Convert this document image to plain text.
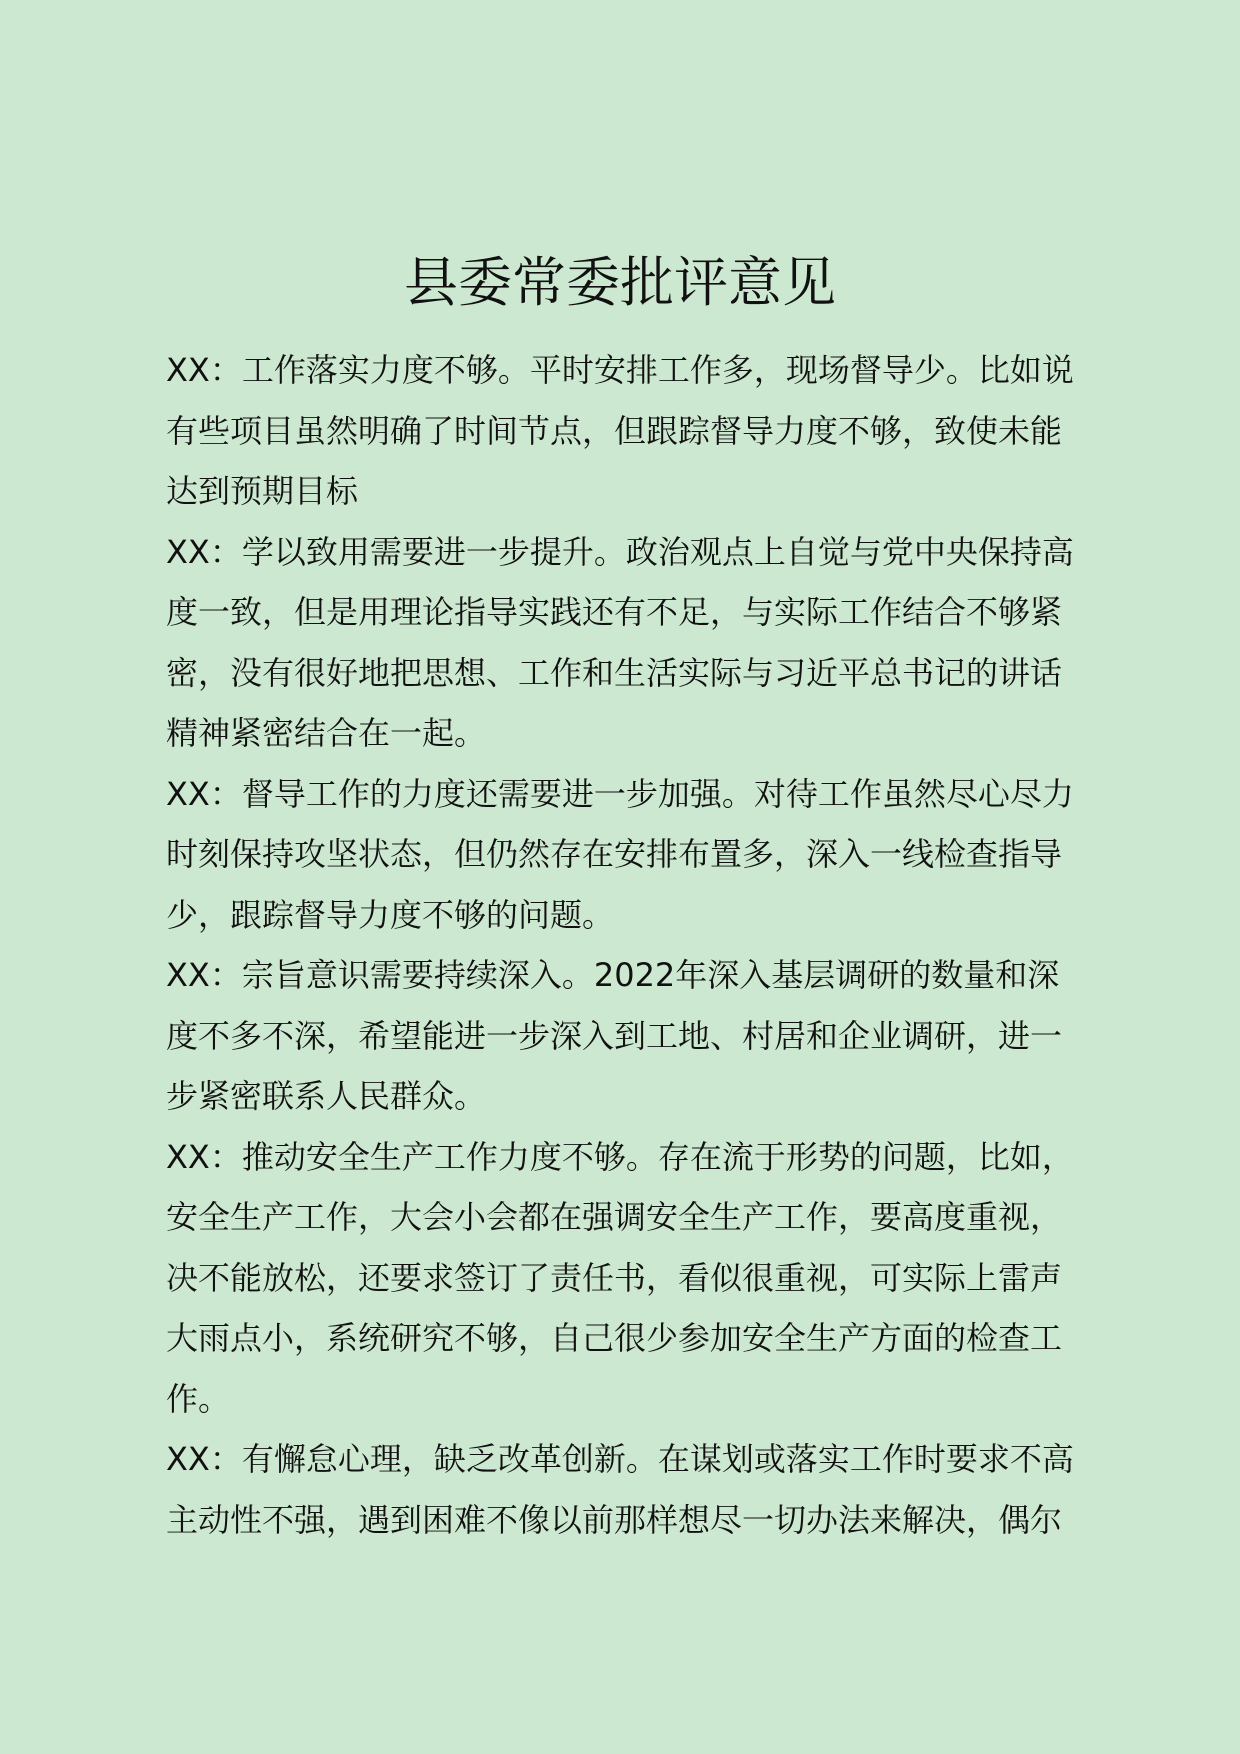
县委常委批评意见
XX：工作落实力度不够。平时安排工作多，现场督导少。比如说
有些项目虽然明确了时间节点，但跟踪督导力度不够，致使未能
达到预期目标
XX：学以致用需要进一步提升。政治观点上自觉与党中央保持高
度一致，但是用理论指导实践还有不足，与实际工作结合不够紧
密，没有很好地把思想、工作和生活实际与习近平总书记的讲话
精神紧密结合在一起。
XX：督导工作的力度还需要进一步加强。对待工作虽然尽心尽力
时刻保持攻坚状态，但仍然存在安排布置多，深入一线检查指导
少，跟踪督导力度不够的问题。
XX：宗旨意识需要持续深入。2022年深入基层调研的数量和深
度不多不深，希望能进一步深入到工地、村居和企业调研，进一
步紧密联系人民群众。
XX：推动安全生产工作力度不够。存在流于形势的问题，比如，
安全生产工作，大会小会都在强调安全生产工作，要高度重视，
决不能放松，还要求签订了责任书，看似很重视，可实际上雷声
大雨点小，系统研究不够，自己很少参加安全生产方面的检查工
作。
XX：有懈怠心理，缺乏改革创新。在谋划或落实工作时要求不高
主动性不强，遇到困难不像以前那样想尽一切办法来解决，偶尔
